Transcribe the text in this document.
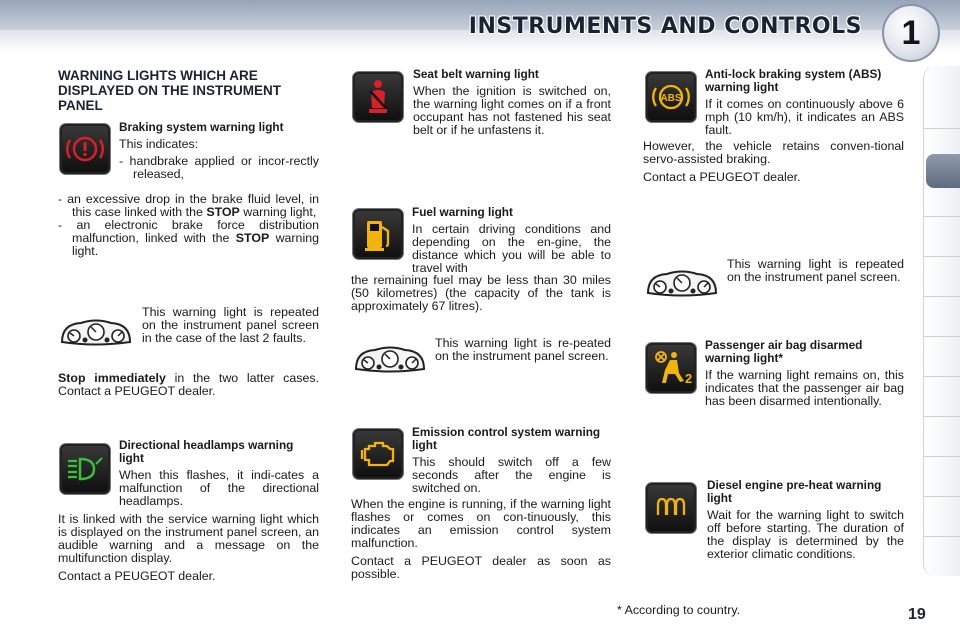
INSTRUMENTS AND CONTROLS	1
WARNING LIGHTS WHICH ARE DISPLAYED ON THE INSTRUMENT PANEL
Braking system warning light

This indicates:

- handbrake applied or incor-rectly released,

- an excessive drop in the brake fluid level, in this case linked with the STOP warning light,

- an electronic brake force distribution malfunction, linked with the STOP warning light.

This warning light is repeated on the instrument panel screen in the case of the last 2 faults.

Stop immediately in the two latter cases. Contact a PEUGEOT dealer.

Directional headlamps warning light

When this flashes, it indi-cates a malfunction of the directional headlamps.

It is linked with the service warning light which is displayed on the instrument panel screen, an audible warning and a message on the multifunction display.

Contact a PEUGEOT dealer.

Seat belt warning light

When the ignition is switched on, the warning light comes on if a front occupant has not fastened his seat belt or if he unfastens it.

Fuel warning light

In certain driving conditions and depending on the en-gine, the distance which you will be able to travel with

the remaining fuel may be less than 30 miles (50 kilometres) (the capacity of the tank is approximately 67 litres).

This warning light is re-peated on the instrument panel screen.

Emission control system warning light

This should switch off a few seconds after the engine is switched on.

When the engine is running, if the warning light flashes or comes on con-tinuously, this indicates an emission control system malfunction.

Contact a PEUGEOT dealer as soon as possible.

ABS
Anti-lock braking system (ABS) warning light

If it comes on continuously above 6 mph (10 km/h), it indicates an ABS fault.

However, the vehicle retains conven-tional servo-assisted braking.

Contact a PEUGEOT dealer.

This warning light is repeated on the instrument panel screen.

2
Passenger air bag disarmed warning light*

If the warning light remains on, this indicates that the passenger air bag has been disarmed intentionally.

Diesel engine pre-heat warning light

Wait for the warning light to switch off before starting. The duration of the display is determined by the exterior climatic conditions.

* According to country.	19
